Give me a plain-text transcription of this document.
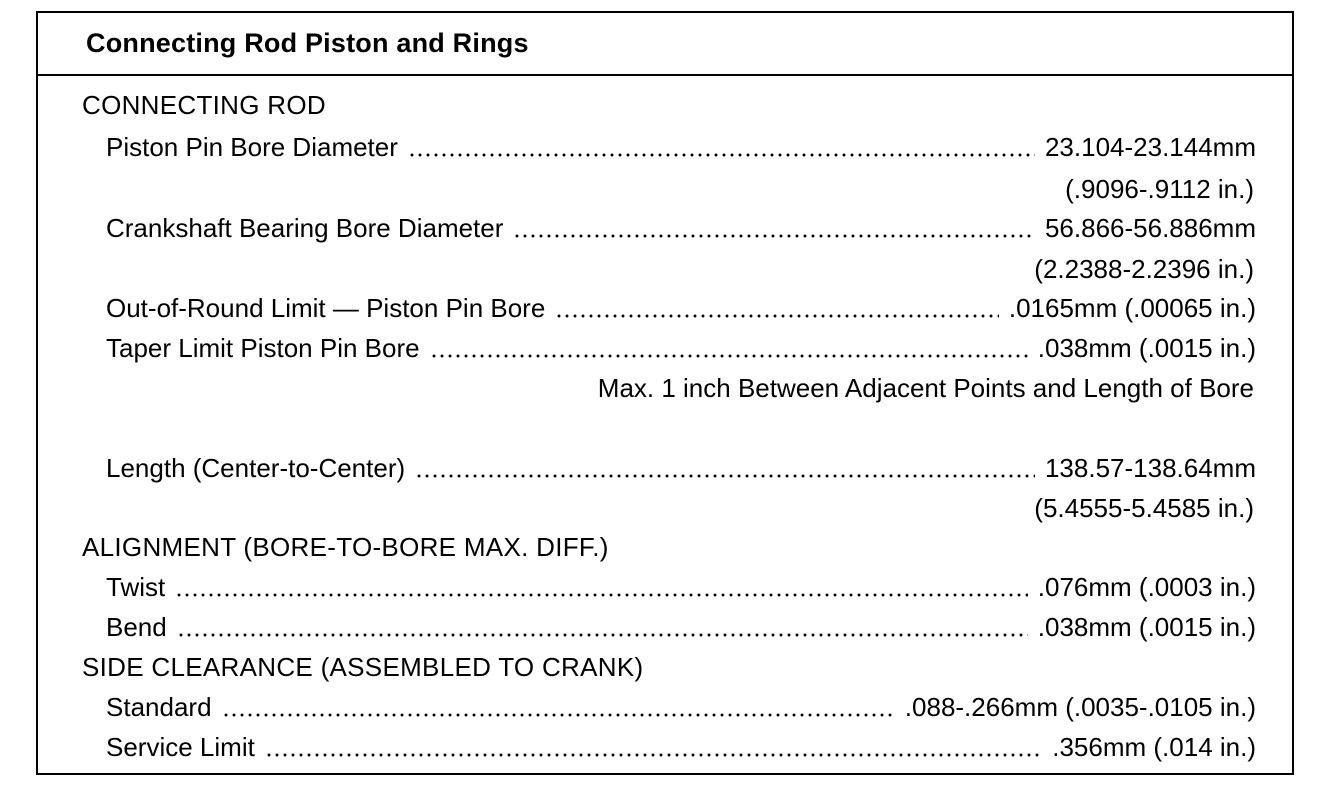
Connecting Rod Piston and Rings
CONNECTING ROD
Piston Pin Bore Diameter	23.104-23.144mm
(.9096-.9112 in.)
Crankshaft Bearing Bore Diameter	56.866-56.886mm
(2.2388-2.2396 in.)
Out-of-Round Limit — Piston Pin Bore	.0165mm (.00065 in.)
Taper Limit Piston Pin Bore	.038mm (.0015 in.)
Max. 1 inch Between Adjacent Points and Length of Bore
Length (Center-to-Center)	138.57-138.64mm
(5.4555-5.4585 in.)
ALIGNMENT (BORE-TO-BORE MAX. DIFF.)
Twist	.076mm (.0003 in.)
Bend	.038mm (.0015 in.)
SIDE CLEARANCE (ASSEMBLED TO CRANK)
Standard	.088-.266mm (.0035-.0105 in.)
Service Limit	.356mm (.014 in.)
